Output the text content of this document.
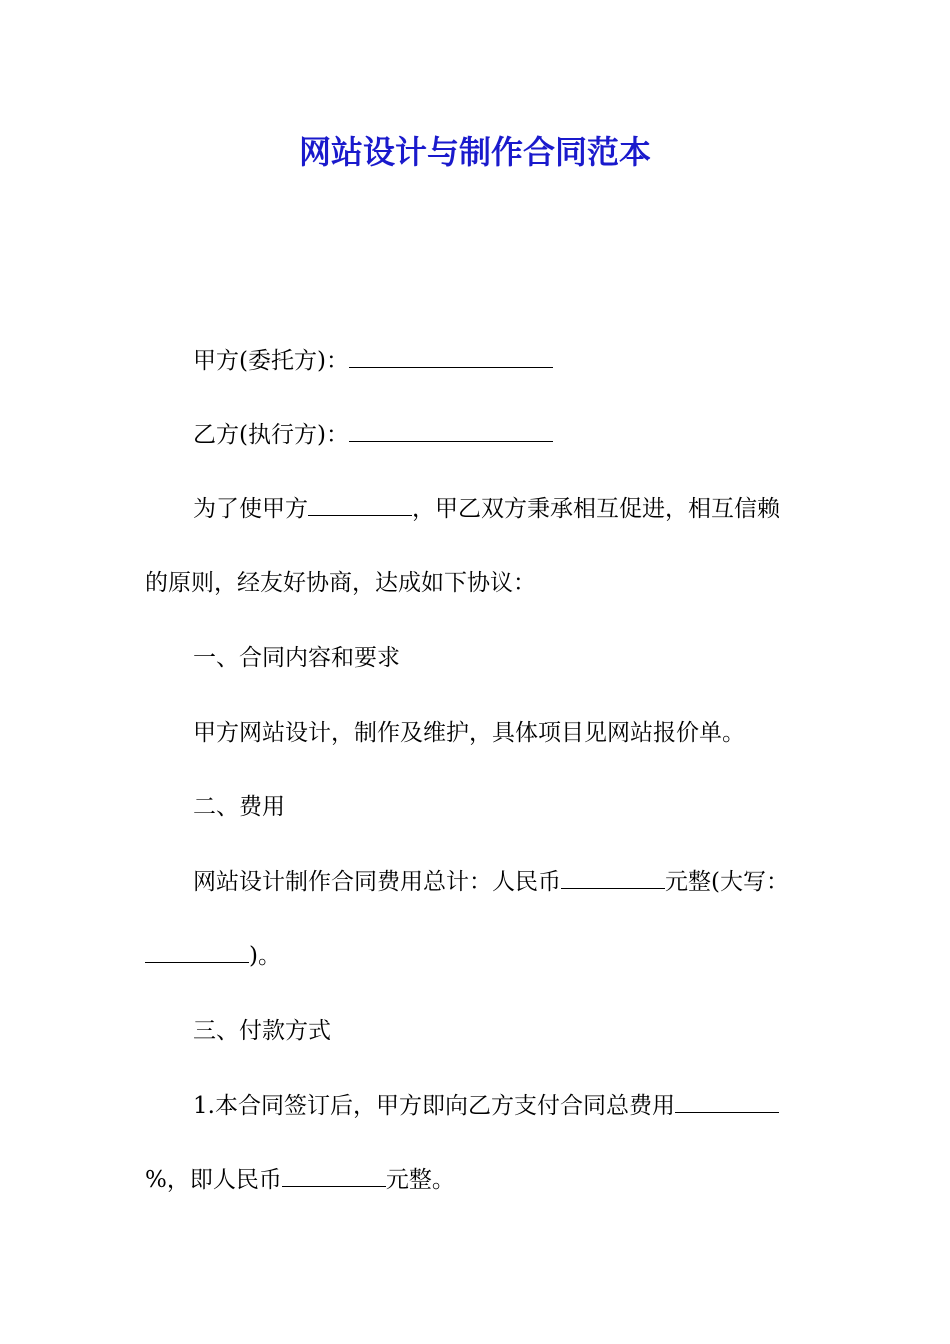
网站设计与制作合同范本
甲方(委托方)：
乙方(执行方)：
为了使甲方	，甲乙双方秉承相互促进，相互信赖
的原则，经友好协商，达成如下协议：
一、合同内容和要求
甲方网站设计，制作及维护，具体项目见网站报价单。
二、费用
网站设计制作合同费用总计：人民币	元整(大写：
)。
三、付款方式
1.本合同签订后，甲方即向乙方支付合同总费用
%，即人民币	元整。
